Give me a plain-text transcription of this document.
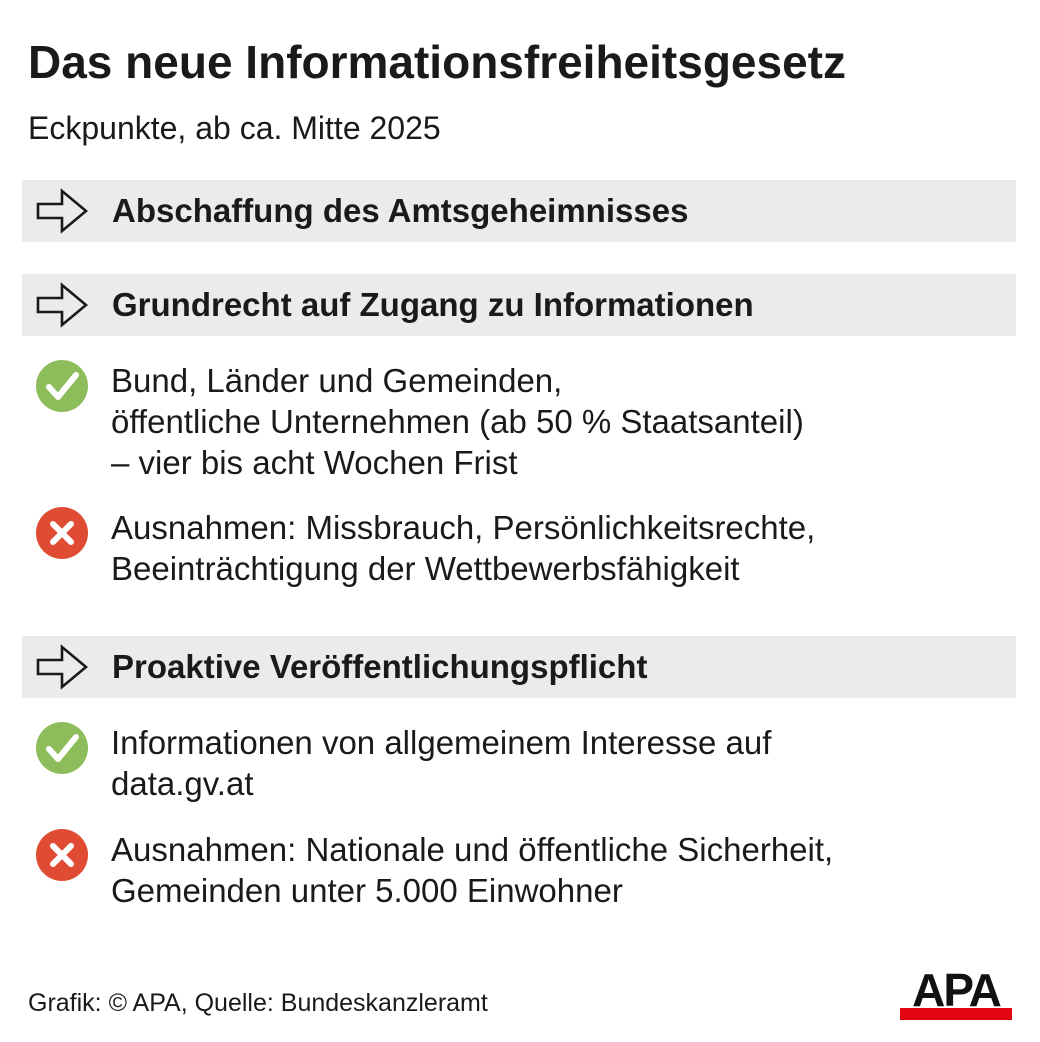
Das neue Informationsfreiheitsgesetz
Eckpunkte, ab ca. Mitte 2025
Abschaffung des Amtsgeheimnisses
Grundrecht auf Zugang zu Informationen
Bund, Länder und Gemeinden,
öffentliche Unternehmen (ab 50 % Staatsanteil)
– vier bis acht Wochen Frist
Ausnahmen: Missbrauch, Persönlichkeitsrechte,
Beeinträchtigung der Wettbewerbsfähigkeit
Proaktive Veröffentlichungspflicht
Informationen von allgemeinem Interesse auf
data.gv.at
Ausnahmen: Nationale und öffentliche Sicherheit,
Gemeinden unter 5.000 Einwohner
Grafik: © APA, Quelle: Bundeskanzleramt	APA
